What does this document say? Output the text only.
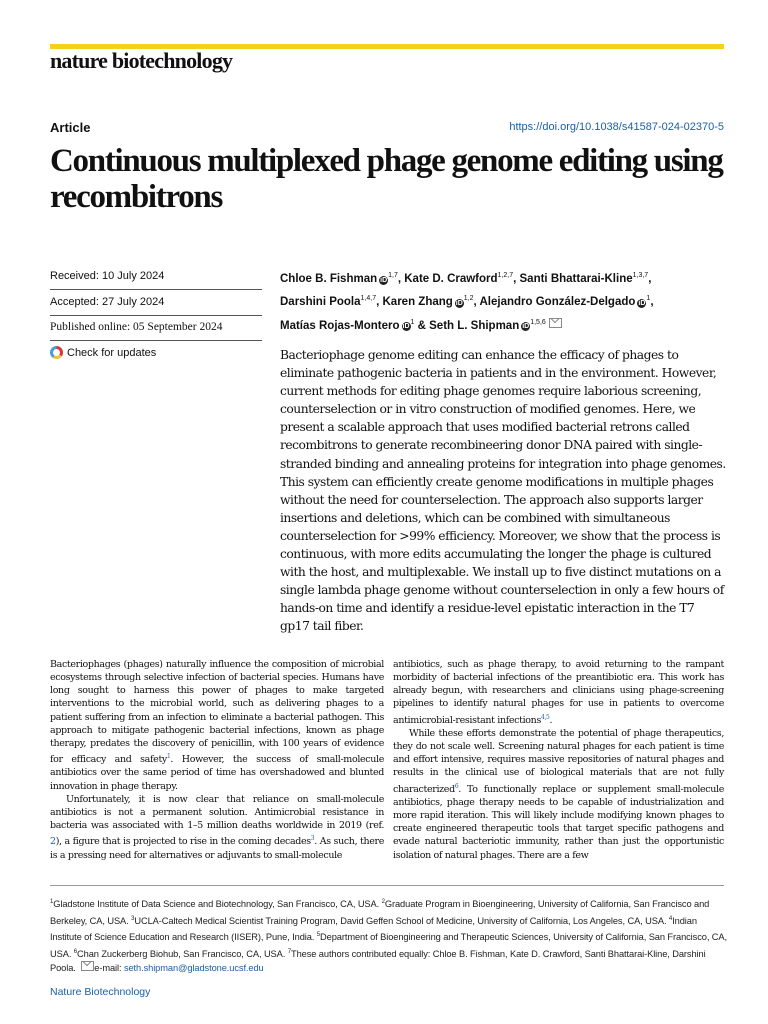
nature biotechnology
Article	https://doi.org/10.1038/s41587-024-02370-5
Continuous multiplexed phage genome editing using recombitrons
Received: 10 July 2024
Accepted: 27 July 2024
Published online: 05 September 2024
Check for updates
Chloe B. Fishman iD$^{1,7}$, Kate D. Crawford$^{1,2,7}$, Santi Bhattarai-Kline$^{1,3,7}$,
Darshini Poola$^{1,4,7}$, Karen Zhang iD$^{1,2}$, Alejandro González-Delgado $iD^1$,
Matías Rojas-Montero $iD^1$ & Seth L. Shipman iD$^{1,5,6}$

Bacteriophage genome editing can enhance the efficacy of phages to eliminate pathogenic bacteria in patients and in the environment. However, current methods for editing phage genomes require laborious screening, counterselection or in vitro construction of modified genomes. Here, we present a scalable approach that uses modified bacterial retrons called recombitrons to generate recombineering donor DNA paired with single-stranded binding and annealing proteins for integration into phage genomes. This system can efficiently create genome modifications in multiple phages without the need for counterselection. The approach also supports larger insertions and deletions, which can be combined with simultaneous counterselection for >99% efficiency. Moreover, we show that the process is continuous, with more edits accumulating the longer the phage is cultured with the host, and multiplexable. We install up to five distinct mutations on a single lambda phage genome without counterselection in only a few hours of hands-on time and identify a residue-level epistatic interaction in the T7 gp17 tail fiber.

Bacteriophages (phages) naturally influence the composition of microbial ecosystems through selective infection of bacterial species. Humans have long sought to harness this power of phages to make targeted interventions to the microbial world, such as delivering phages to a patient suffering from an infection to eliminate a bacterial pathogen. This approach to mitigate pathogenic bacterial infections, known as phage therapy, predates the discovery of penicillin, with 100 years of evidence for efficacy and safety$^1$. However, the success of small-molecule antibiotics over the same period of time has overshadowed and blunted innovation in phage therapy.

Unfortunately, it is now clear that reliance on small-molecule antibiotics is not a permanent solution. Antimicrobial resistance in bacteria was associated with 1–5 million deaths worldwide in 2019 (ref. 2), a figure that is projected to rise in the coming decades$^3$. As such, there is a pressing need for alternatives or adjuvants to small-molecule

antibiotics, such as phage therapy, to avoid returning to the rampant morbidity of bacterial infections of the preantibiotic era. This work has already begun, with researchers and clinicians using phage-screening pipelines to identify natural phages for use in patients to overcome antimicrobial-resistant infections$^{4,5}$.

While these efforts demonstrate the potential of phage therapeutics, they do not scale well. Screening natural phages for each patient is time and effort intensive, requires massive repositories of natural phages and results in the clinical use of biological materials that are not fully characterized$^6$. To functionally replace or supplement small-molecule antibiotics, phage therapy needs to be capable of industrialization and more rapid iteration. This will likely include modifying known phages to create engineered therapeutic tools that target specific pathogens and evade natural bacteriotic immunity, rather than just the opportunistic isolation of natural phages. There are a few

$^1$Gladstone Institute of Data Science and Biotechnology, San Francisco, CA, USA. $^2$Graduate Program in Bioengineering, University of California, San Francisco and Berkeley, CA, USA. $^3$UCLA-Caltech Medical Scientist Training Program, David Geffen School of Medicine, University of California, Los Angeles, CA, USA. $^4$Indian Institute of Science Education and Research (IISER), Pune, India. $^5$Department of Bioengineering and Therapeutic Sciences, University of California, San Francisco, CA, USA. $^6$Chan Zuckerberg Biohub, San Francisco, CA, USA. $^7$These authors contributed equally: Chloe B. Fishman, Kate D. Crawford, Santi Bhattarai-Kline, Darshini Poola. e-mail: seth.shipman@gladstone.ucsf.edu
Nature Biotechnology
